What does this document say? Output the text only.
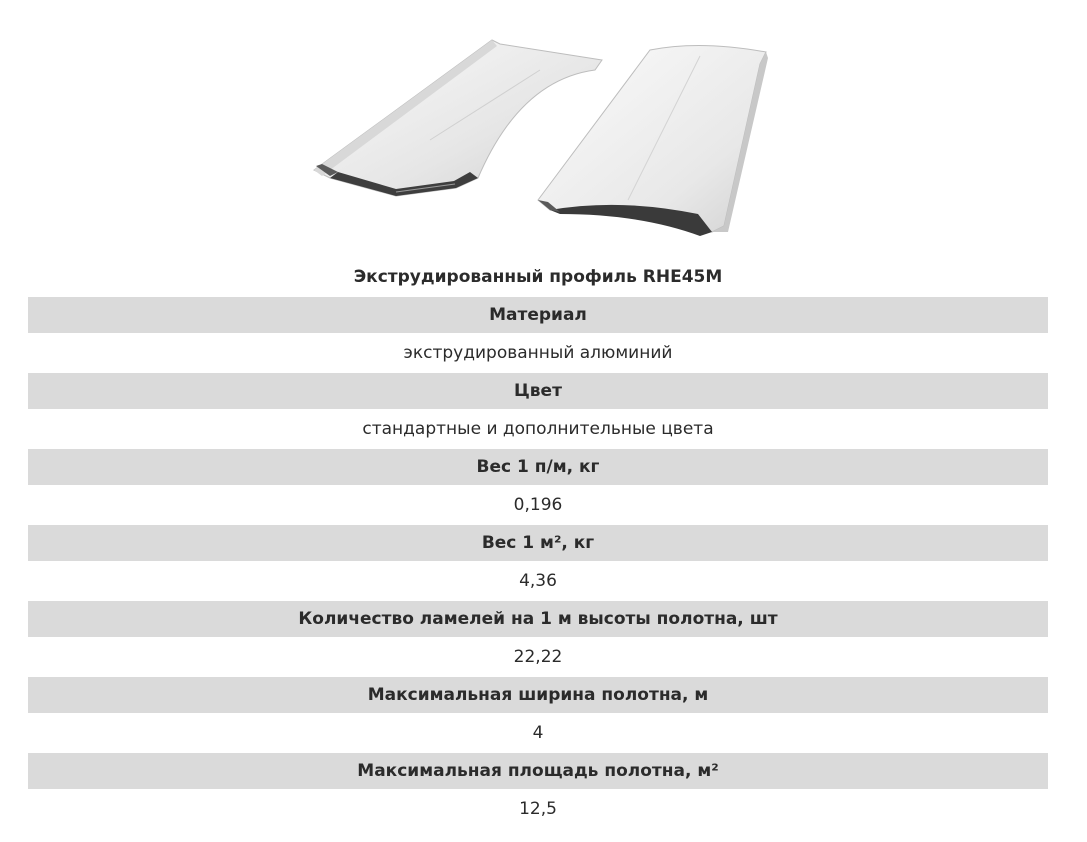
Экструдированный профиль RHE45M
Материал
экструдированный алюминий
Цвет
стандартные и дополнительные цвета
Вес 1 п/м, кг
0,196
Вес 1 м², кг
4,36
Количество ламелей на 1 м высоты полотна, шт
22,22
Максимальная ширина полотна, м
4
Максимальная площадь полотна, м²
12,5
